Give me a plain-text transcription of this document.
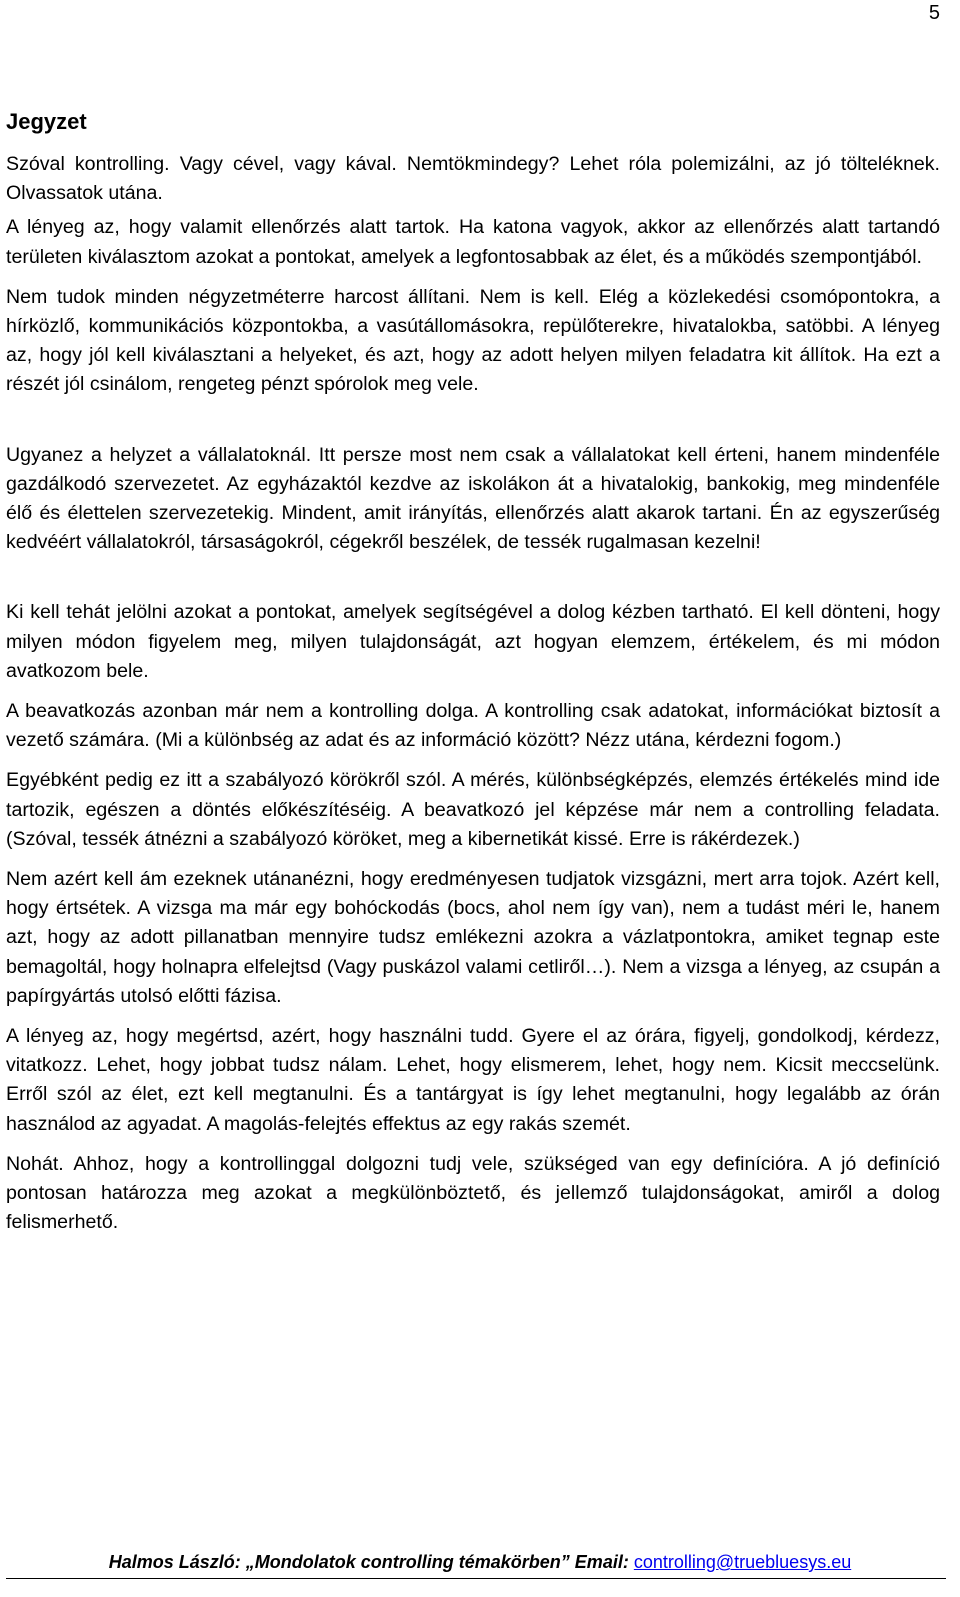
5
Jegyzet

Szóval kontrolling. Vagy cével, vagy kával. Nemtökmindegy? Lehet róla polemizálni, az jó tölteléknek. Olvassatok utána.

A lényeg az, hogy valamit ellenőrzés alatt tartok. Ha katona vagyok, akkor az ellenőrzés alatt tartandó területen kiválasztom azokat a pontokat, amelyek a legfontosabbak az élet, és a működés szempontjából.

Nem tudok minden négyzetméterre harcost állítani. Nem is kell. Elég a közlekedési csomópontokra, a hírközlő, kommunikációs központokba, a vasútállomásokra, repülőterekre, hivatalokba, satöbbi. A lényeg az, hogy jól kell kiválasztani a helyeket, és azt, hogy az adott helyen milyen feladatra kit állítok. Ha ezt a részét jól csinálom, rengeteg pénzt spórolok meg vele.

Ugyanez a helyzet a vállalatoknál. Itt persze most nem csak a vállalatokat kell érteni, hanem mindenféle gazdálkodó szervezetet. Az egyházaktól kezdve az iskolákon át a hivatalokig, bankokig, meg mindenféle élő és élettelen szervezetekig. Mindent, amit irányítás, ellenőrzés alatt akarok tartani. Én az egyszerűség kedvéért vállalatokról, társaságokról, cégekről beszélek, de tessék rugalmasan kezelni!

Ki kell tehát jelölni azokat a pontokat, amelyek segítségével a dolog kézben tartható. El kell dönteni, hogy milyen módon figyelem meg, milyen tulajdonságát, azt hogyan elemzem, értékelem, és mi módon avatkozom bele.

A beavatkozás azonban már nem a kontrolling dolga. A kontrolling csak adatokat, információkat biztosít a vezető számára. (Mi a különbség az adat és az információ között? Nézz utána, kérdezni fogom.)

Egyébként pedig ez itt a szabályozó körökről szól. A mérés, különbségképzés, elemzés értékelés mind ide tartozik, egészen a döntés előkészítéséig. A beavatkozó jel képzése már nem a controlling feladata. (Szóval, tessék átnézni a szabályozó köröket, meg a kibernetikát kissé. Erre is rákérdezek.)

Nem azért kell ám ezeknek utánanézni, hogy eredményesen tudjatok vizsgázni, mert arra tojok. Azért kell, hogy értsétek. A vizsga ma már egy bohóckodás (bocs, ahol nem így van), nem a tudást méri le, hanem azt, hogy az adott pillanatban mennyire tudsz emlékezni azokra a vázlatpontokra, amiket tegnap este bemagoltál, hogy holnapra elfelejtsd (Vagy puskázol valami cetliről…). Nem a vizsga a lényeg, az csupán a papírgyártás utolsó előtti fázisa.

A lényeg az, hogy megértsd, azért, hogy használni tudd. Gyere el az órára, figyelj, gondolkodj, kérdezz, vitatkozz. Lehet, hogy jobbat tudsz nálam. Lehet, hogy elismerem, lehet, hogy nem. Kicsit meccselünk. Erről szól az élet, ezt kell megtanulni. És a tantárgyat is így lehet megtanulni, hogy legalább az órán használod az agyadat. A magolás-felejtés effektus az egy rakás szemét.

Nohát. Ahhoz, hogy a kontrollinggal dolgozni tudj vele, szükséged van egy definícióra. A jó definíció pontosan határozza meg azokat a megkülönböztető, és jellemző tulajdonságokat, amiről a dolog felismerhető.

Halmos László: „Mondolatok controlling témakörben” Email: controlling@truebluesys.eu
